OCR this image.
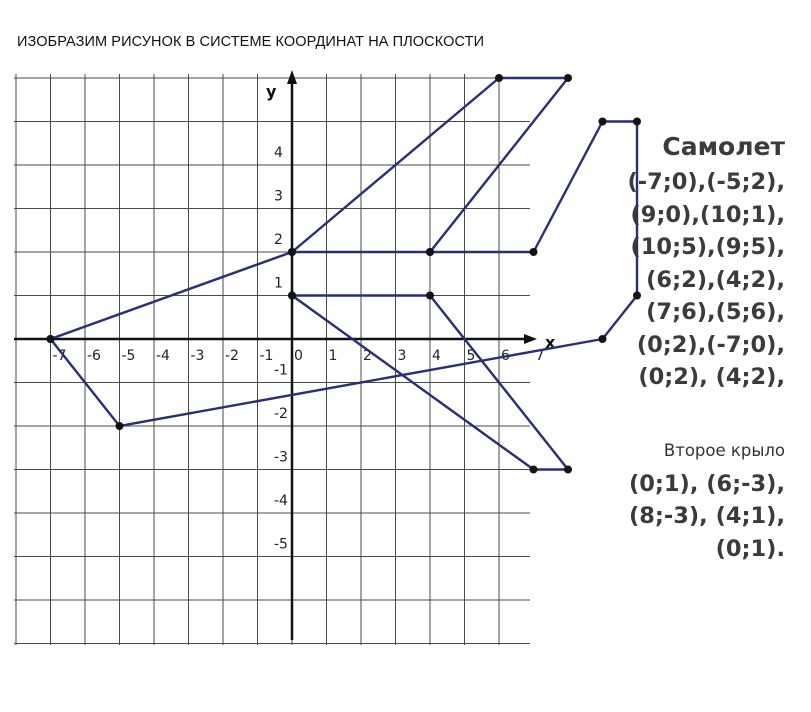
ИЗОБРАЗИМ РИСУНОК В СИСТЕМЕ КООРДИНАТ НА ПЛОСКОСТИ
x
y
-7 -6 -5 -4 -3 -2 -1 0 1 2 3 4 5 6 7
4
3
2
1
-1
-2
-3
-4
-5
Самолет
(-7;0),(-5;2),
(9;0),(10;1),
(10;5),(9;5),
(6;2),(4;2),
(7;6),(5;6),
(0;2),(-7;0),
(0;2), (4;2),
Второе крыло
(0;1), (6;-3),
(8;-3), (4;1),
(0;1).
